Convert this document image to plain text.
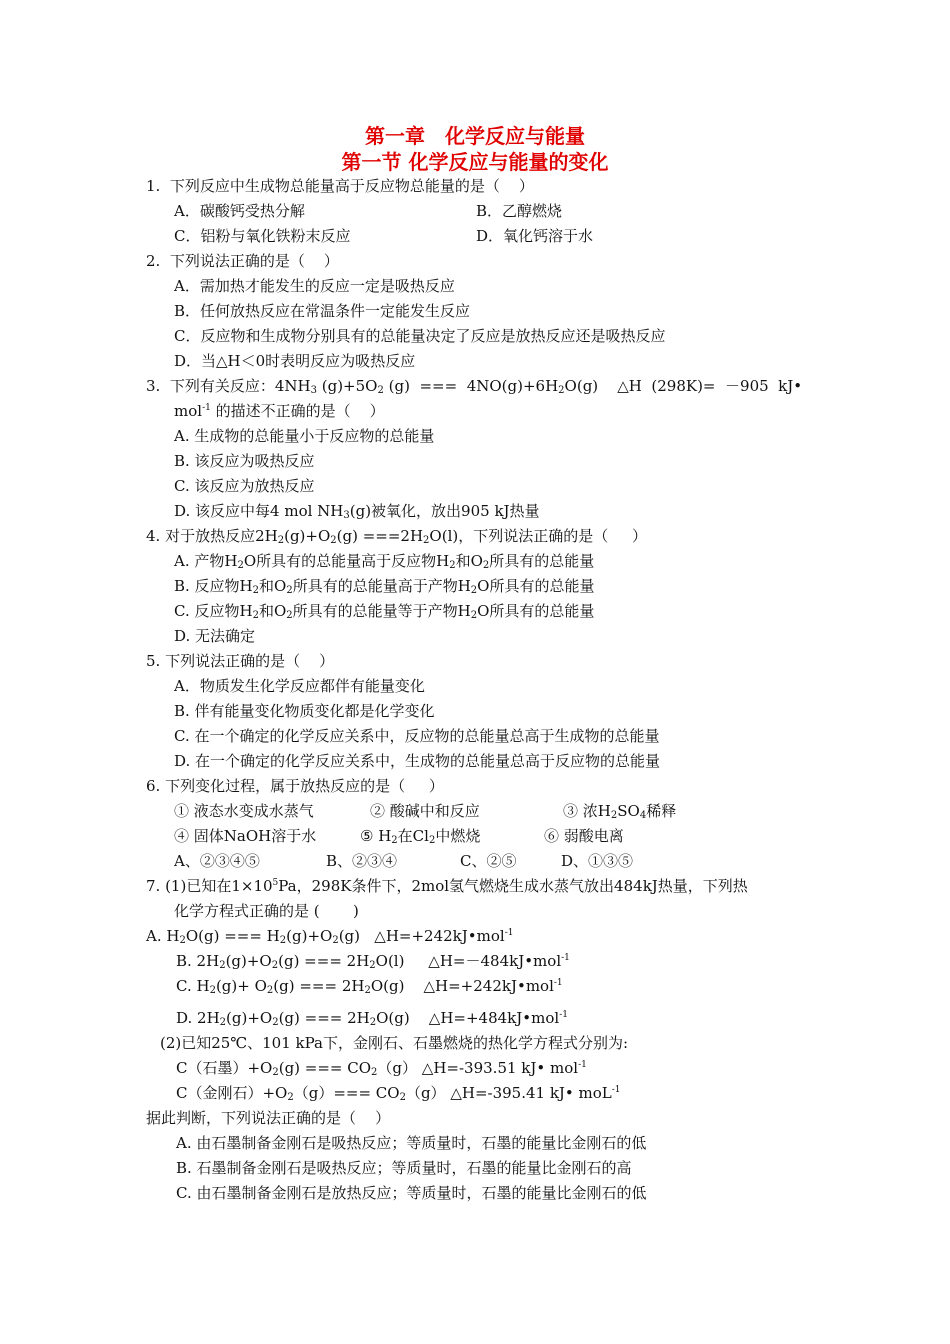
第一章　化学反应与能量
第一节 化学反应与能量的变化
1.  下列反应中生成物总能量高于反应物总能量的是（    ）
A．碳酸钙受热分解	B．乙醇燃烧
C．铝粉与氧化铁粉末反应	D．氧化钙溶于水
2.  下列说法正确的是（    ）
A．需加热才能发生的反应一定是吸热反应
B．任何放热反应在常温条件一定能发生反应
C．反应物和生成物分别具有的总能量决定了反应是放热反应还是吸热反应
D．当△H＜0时表明反应为吸热反应
3.  下列有关反应：$4NH_3$ $(g)+5O_2$ (g)  ===  $4NO(g)+6H_2O(g)$    △H  (298K)=  －905  kJ•
mol$^{-1}$ 的描述不正确的是（    ）
A. 生成物的总能量小于反应物的总能量
B. 该反应为吸热反应
C. 该反应为放热反应
D. 该反应中每4 mol $NH_3(g)$被氧化，放出905 kJ热量
4. 对于放热反应$2H_2(g)+O_2(g) ===2H_2O(l)$，下列说法正确的是（     ）
A. 产物$H_2O$所具有的总能量高于反应物$H_2$和$O_2$所具有的总能量
B. 反应物$H_2$和$O_2$所具有的总能量高于产物$H_2O$所具有的总能量
C. 反应物$H_2$和$O_2$所具有的总能量等于产物$H_2O$所具有的总能量
D. 无法确定
5. 下列说法正确的是（    ）
A．物质发生化学反应都伴有能量变化
B. 伴有能量变化物质变化都是化学变化
C. 在一个确定的化学反应关系中，反应物的总能量总高于生成物的总能量
D. 在一个确定的化学反应关系中，生成物的总能量总高于反应物的总能量
6. 下列变化过程，属于放热反应的是（     ）
① 液态水变成水蒸气	② 酸碱中和反应	③ 浓$H_2SO_4$稀释
④ 固体NaOH溶于水	⑤ $H_2$在$Cl_2$中燃烧	⑥ 弱酸电离
A、②③④⑤	B、②③④	C、②⑤	D、①③⑤
7. (1)已知在$1\times 10^5Pa$，298K条件下，2mol氢气燃烧生成水蒸气放出484kJ热量，下列热
化学方程式正确的是 (       )
A. $H_2O(g)$ === $H_2(g)+O_2(g)$   △H=+242kJ•mol$^{-1}$
B. $2H_2(g)+O_2(g)$ === $2H_2O(l)$     △H=－484kJ•mol$^{-1}$
C. $H_2(g)+ O_2(g)$ === $2H_2O(g)$    △H=+242kJ•mol$^{-1}$
D. $2H_2(g)+O_2(g)$ === $2H_2O(g)$    △H=+484kJ•mol$^{-1}$
(2)已知25℃、101 kPa下，金刚石、石墨燃烧的热化学方程式分别为:
C（石墨）$+O_2(g)$ === $CO_2(g)$ △H=-393.51 kJ• mol$^{-1}$
C（金刚石）$+O_2(g)=== CO_2(g)$ △H=-395.41 kJ• moL$^{-1}$
据此判断，下列说法正确的是（    ）
A. 由石墨制备金刚石是吸热反应；等质量时，石墨的能量比金刚石的低
B. 石墨制备金刚石是吸热反应；等质量时，石墨的能量比金刚石的高
C. 由石墨制备金刚石是放热反应；等质量时，石墨的能量比金刚石的低
